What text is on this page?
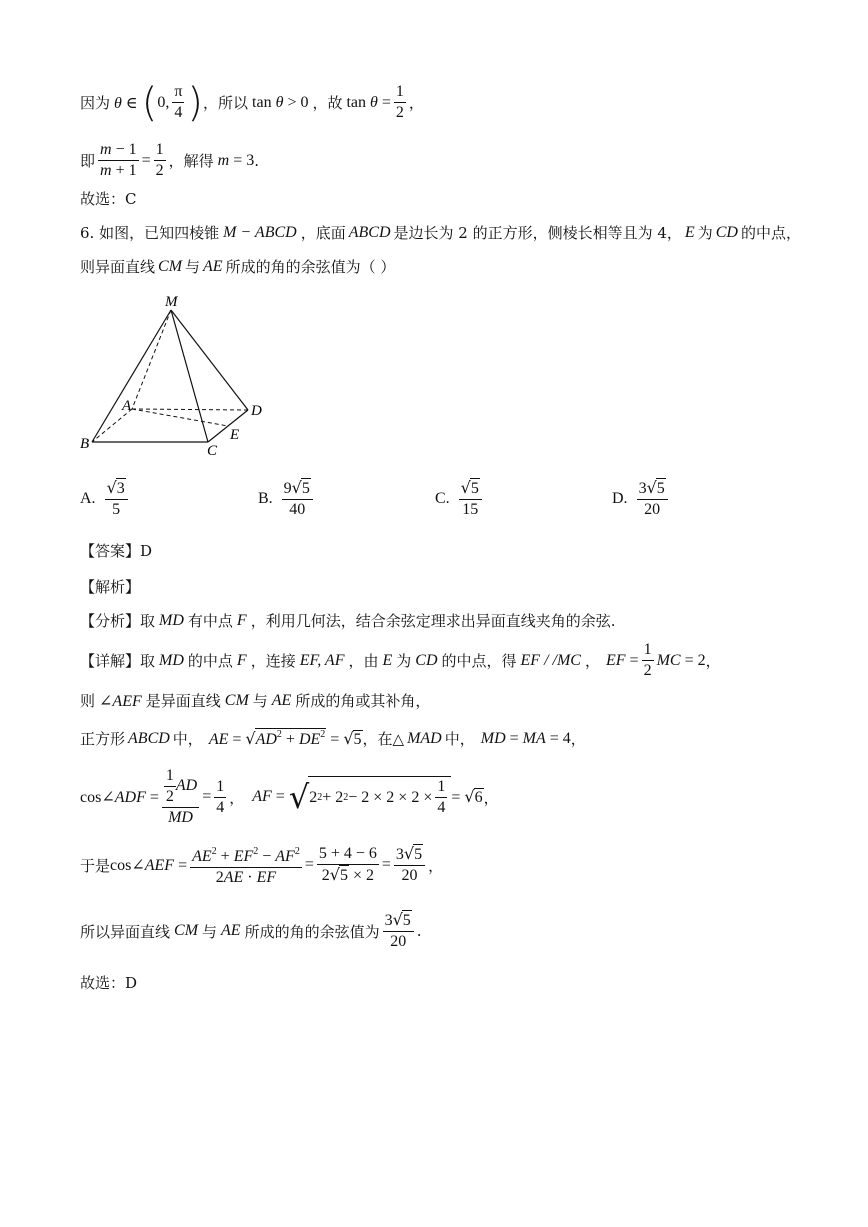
因为 θ ∈ ( 0, $\frac{\pi}{4}$ ) ，所以 tan θ > 0 ，故 $\tan \theta = \frac{1}{2}$ ，
即 $\frac{m - 1}{m + 1} = \frac{1}{2}$ ，解得 m = 3 .
故选：C
6. 如图，已知四棱锥 M − ABCD ，底面 ABCD 是边长为 2 的正方形，侧棱长相等且为 4， E 为 CD 的中点，
则异面直线 CM 与 AE 所成的角的余弦值为（ ）
M
A
B	C
D
E
A. $\frac{√3}{5}$	B. $\frac{9√5}{40}$	C. $\frac{√5}{15}$	D. $\frac{3√5}{20}$
【答案】D
【解析】
【分析】取 MD 有中点 F ，利用几何法，结合余弦定理求出异面直线夹角的余弦.
【详解】取 MD 的中点 F ，连接 EF, AF ，由 E 为 CD 的中点，得 EF / /MC ， EF = $\frac{1}{2}$ MC = 2 ，
则 ∠AEF 是异面直线 CM 与 AE 所成的角或其补角，
正方形 ABCD 中， AE = $√AD^2 + DE^2 = √5$ ，在△ MAD 中， MD = MA = 4 ，
cos∠ADF = $\frac{\frac{1}{2} AD}{MD} = \frac{1}{4}$ ， AF = √ 2 2 + 2 $2 - 2 \times 2 \times 2 \times \frac{1}{4} = √6$ ，
于是 cos∠AEF = $\frac{AE^2 + EF^2 - AF^2}{2AE \cdot EF} = \frac{5 + 4 - 6}{2√5 \times 2} = \frac{3√5}{20}$ ，
所以异面直线 CM 与 AE 所成的角的余弦值为 $\frac{3√5}{20}$ .
故选：D
